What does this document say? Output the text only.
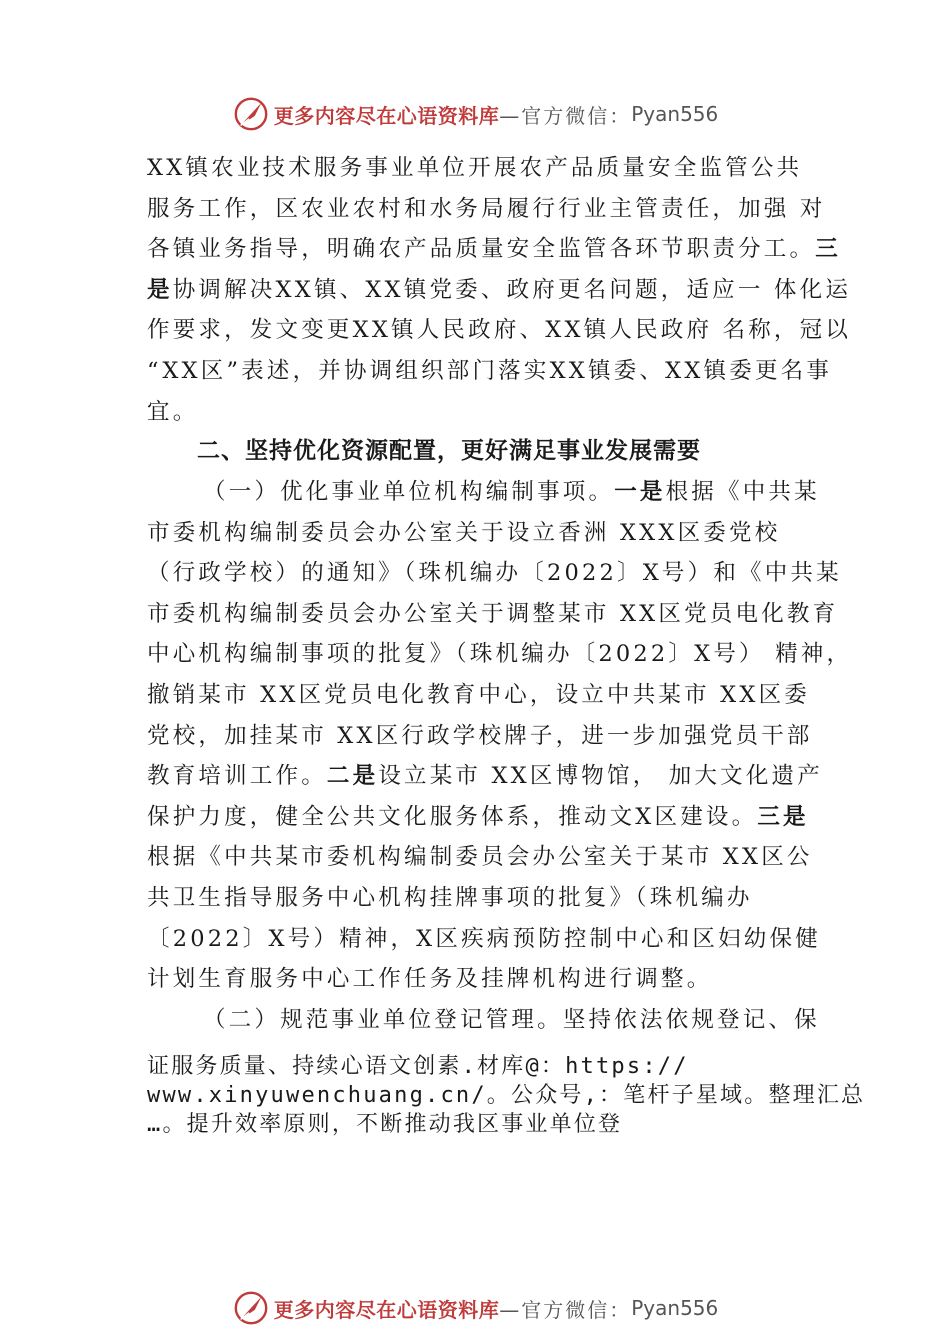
更多内容尽在心语资料库 —官方微信： Pyan556
XX镇农业技术服务事业单位开展农产品质量安全监管公共
服务工作，区农业农村和水务局履行行业主管责任，加强 对
各镇业务指导，明确农产品质量安全监管各环节职责分工。三
是协调解决XX镇、XX镇党委、政府更名问题，适应一 体化运
作要求，发文变更XX镇人民政府、XX镇人民政府 名称，冠以
“XX区”表述，并协调组织部门落实XX镇委、XX镇委更名事
宜。
二、坚持优化资源配置，更好满足事业发展需要
（一）优化事业单位机构编制事项。一是根据《中共某
市委机构编制委员会办公室关于设立香洲 XXX区委党校
（行政学校）的通知》（珠机编办〔2022〕X号）和《中共某
市委机构编制委员会办公室关于调整某市 XX区党员电化教育
中心机构编制事项的批复》（珠机编办〔2022〕X号） 精神，
撤销某市 XX区党员电化教育中心，设立中共某市 XX区委
党校，加挂某市 XX区行政学校牌子，进一步加强党员干部
教育培训工作。二是设立某市 XX区博物馆， 加大文化遗产
保护力度，健全公共文化服务体系，推动文X区建设。三是
根据《中共某市委机构编制委员会办公室关于某市 XX区公
共卫生指导服务中心机构挂牌事项的批复》（珠机编办
〔2022〕X号）精神，X区疾病预防控制中心和区妇幼保健
计划生育服务中心工作任务及挂牌机构进行调整。
（二）规范事业单位登记管理。坚持依法依规登记、保
证服务质量、持续心语文创素.材库@：https://
www.xinyuwenchuang.cn/。公众号,：笔杆子星域。整理汇总
…。提升效率原则，不断推动我区事业单位登
更多内容尽在心语资料库 —官方微信： Pyan556
